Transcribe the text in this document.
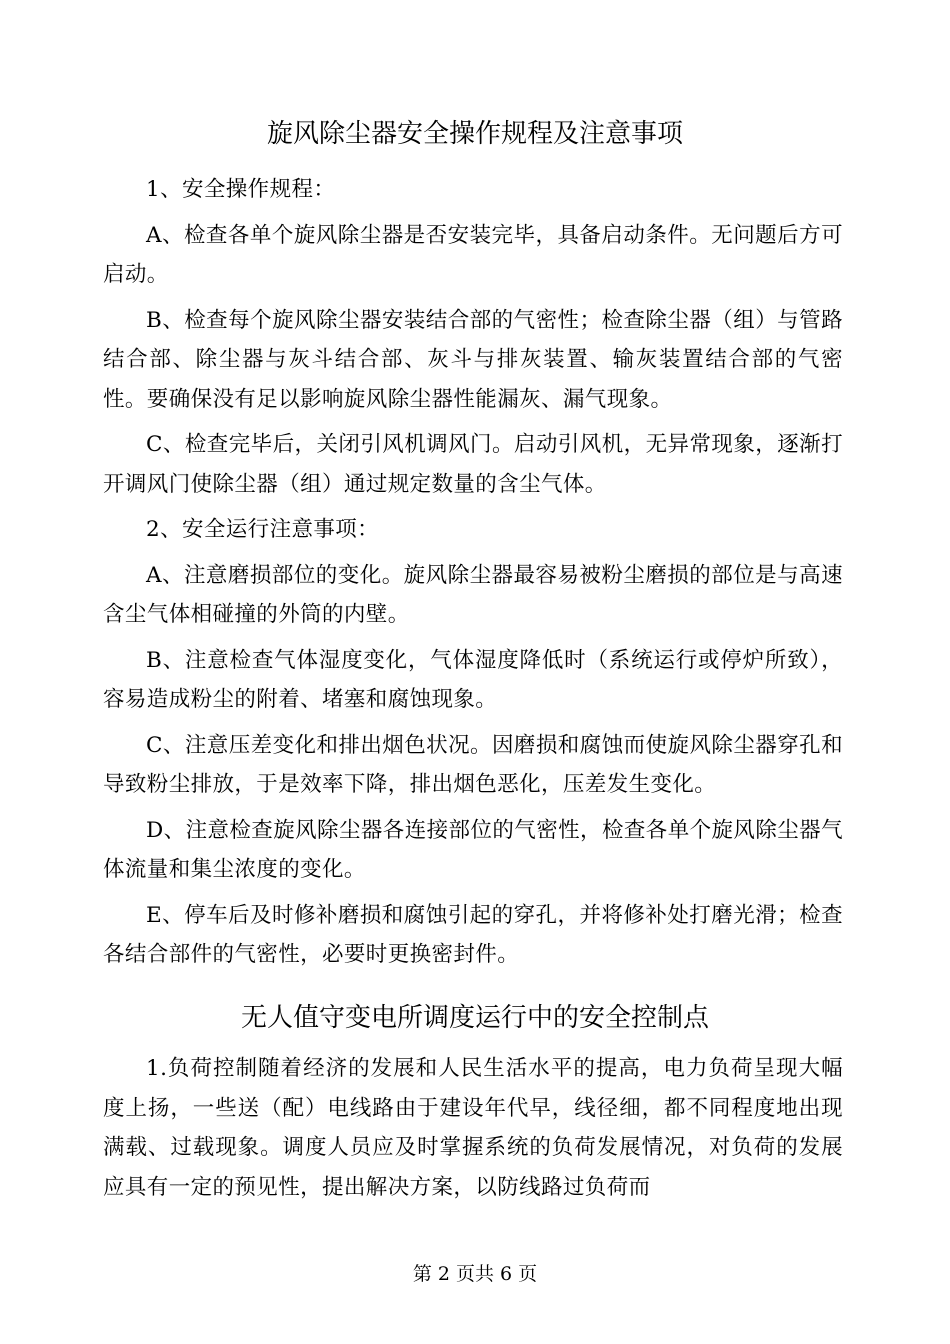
旋风除尘器安全操作规程及注意事项

1、安全操作规程：

A、检查各单个旋风除尘器是否安装完毕，具备启动条件。无问题后方可启动。

B、检查每个旋风除尘器安装结合部的气密性；检查除尘器（组）与管路结合部、除尘器与灰斗结合部、灰斗与排灰装置、输灰装置结合部的气密性。要确保没有足以影响旋风除尘器性能漏灰、漏气现象。

C、检查完毕后，关闭引风机调风门。启动引风机，无异常现象，逐渐打开调风门使除尘器（组）通过规定数量的含尘气体。

2、安全运行注意事项：

A、注意磨损部位的变化。旋风除尘器最容易被粉尘磨损的部位是与高速含尘气体相碰撞的外筒的内壁。

B、注意检查气体湿度变化，气体湿度降低时（系统运行或停炉所致），容易造成粉尘的附着、堵塞和腐蚀现象。

C、注意压差变化和排出烟色状况。因磨损和腐蚀而使旋风除尘器穿孔和导致粉尘排放，于是效率下降，排出烟色恶化，压差发生变化。

D、注意检查旋风除尘器各连接部位的气密性，检查各单个旋风除尘器气体流量和集尘浓度的变化。

E、停车后及时修补磨损和腐蚀引起的穿孔，并将修补处打磨光滑；检查各结合部件的气密性，必要时更换密封件。

无人值守变电所调度运行中的安全控制点

1.负荷控制随着经济的发展和人民生活水平的提高，电力负荷呈现大幅度上扬，一些送（配）电线路由于建设年代早，线径细，都不同程度地出现满载、过载现象。调度人员应及时掌握系统的负荷发展情况，对负荷的发展应具有一定的预见性，提出解决方案，以防线路过负荷而

第 2 页共 6 页
